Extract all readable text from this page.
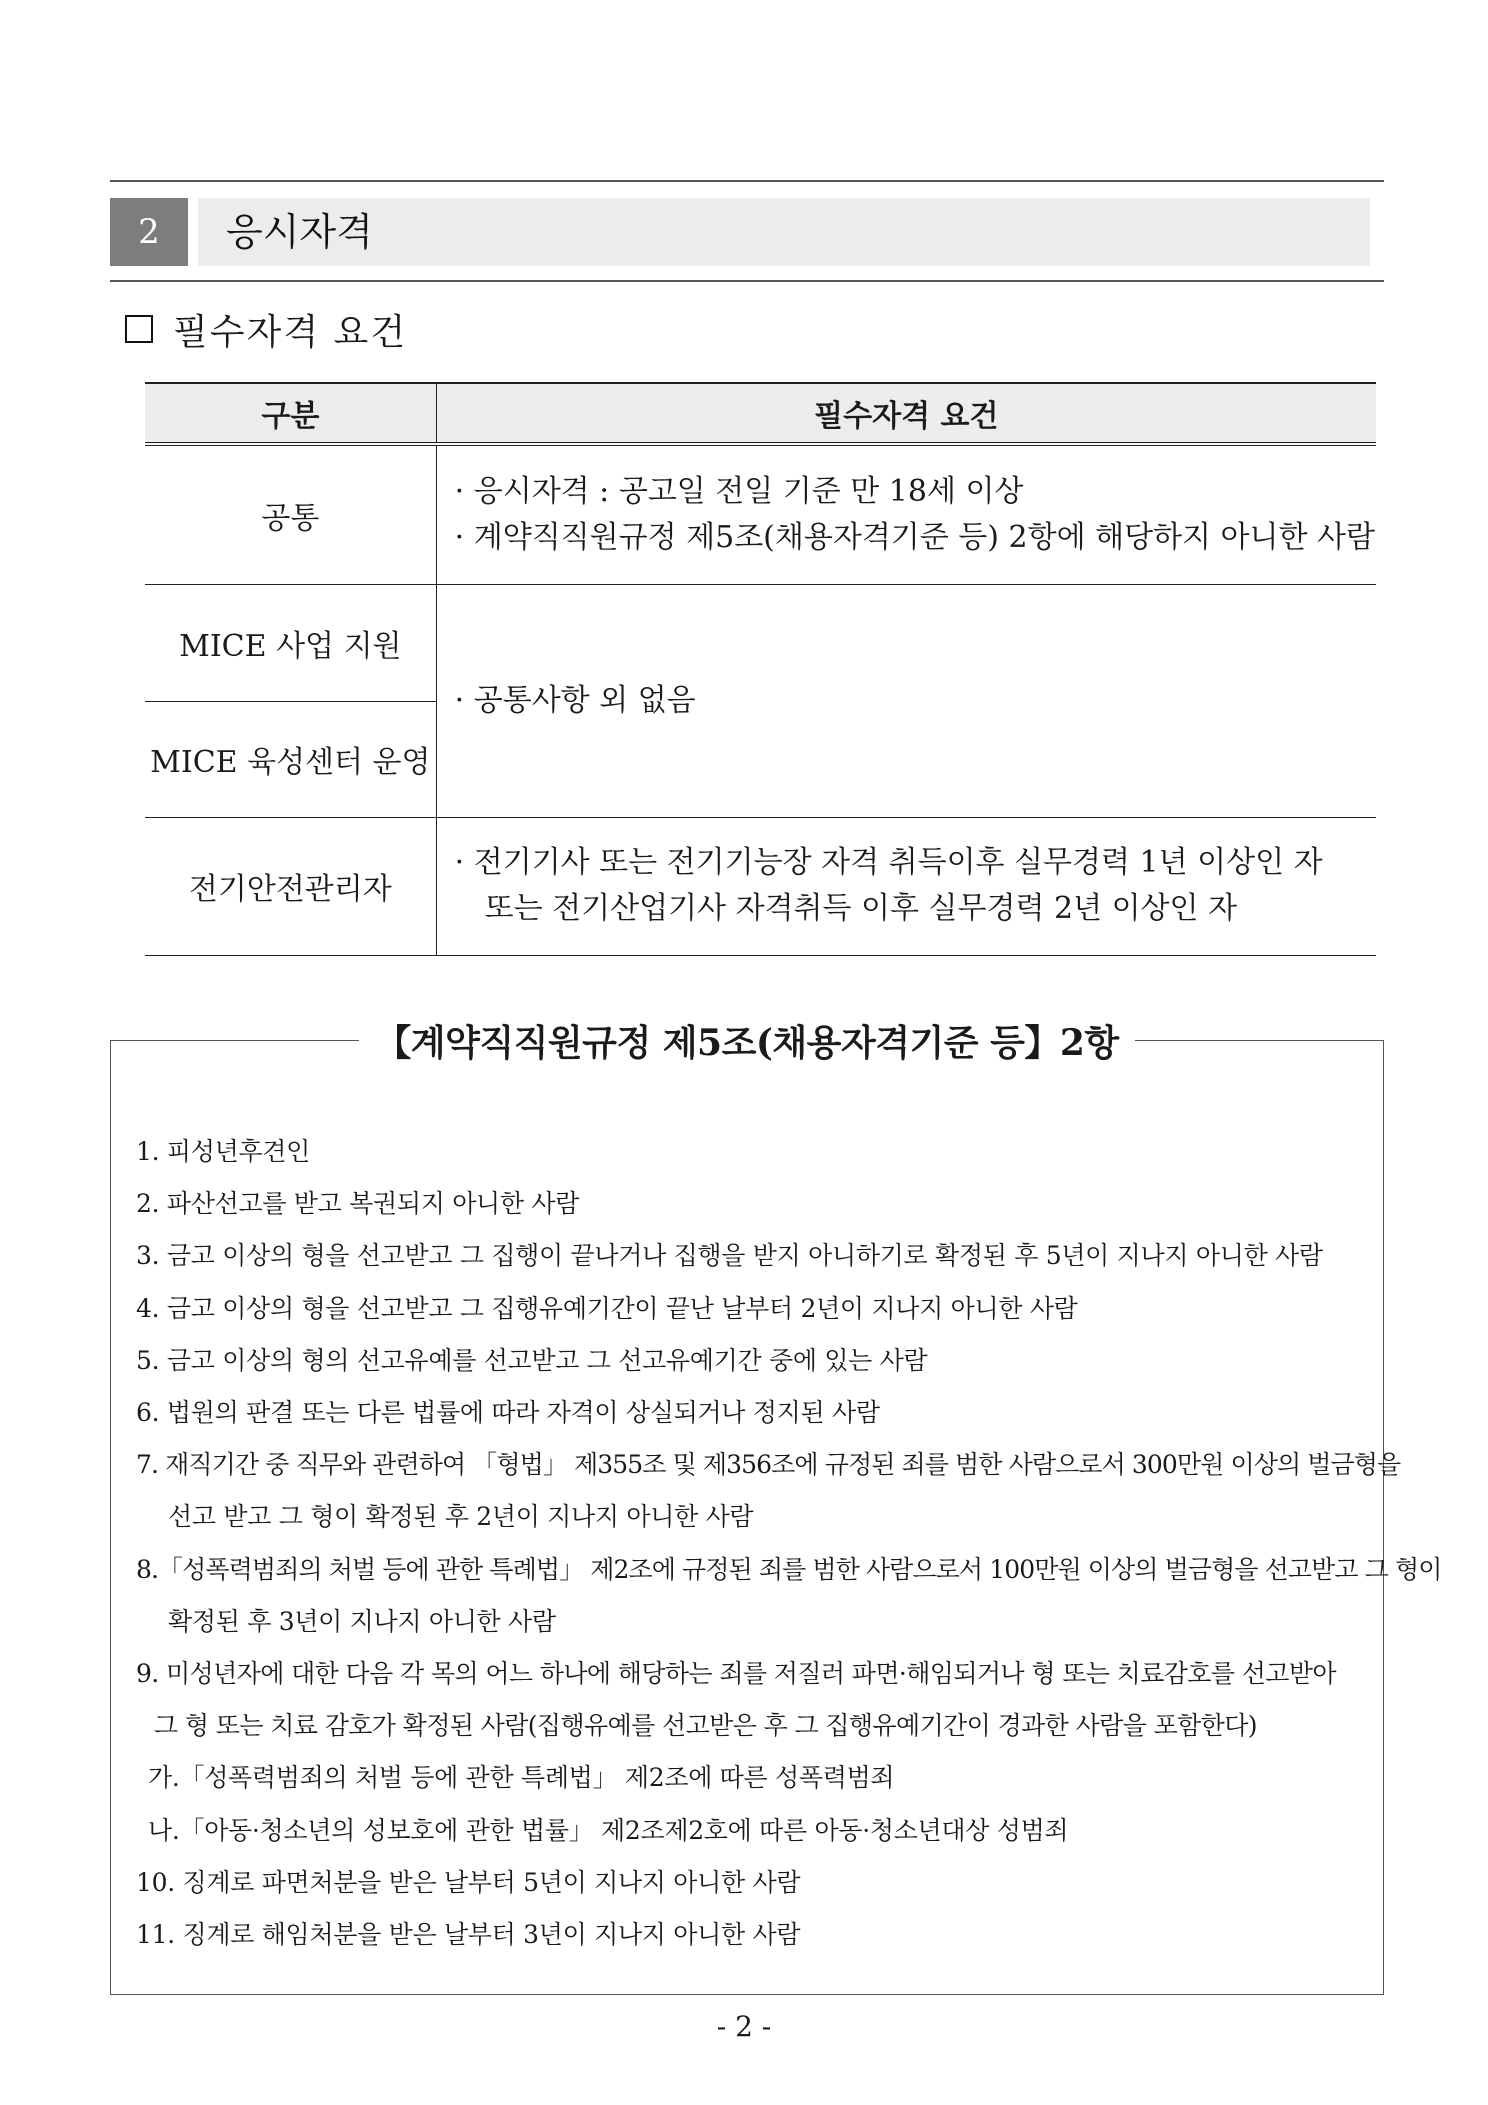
2	응시자격
필수자격 요건
구분	필수자격 요건
공통	· 응시자격 : 공고일 전일 기준 만 18세 이상
· 계약직직원규정 제5조(채용자격기준 등) 2항에 해당하지 아니한 사람

MICE 사업 지원	· 공통사항 외 없음

MICE 육성센터 운영	
전기안전관리자	· 전기기사 또는 전기기능장 자격 취득이후 실무경력 1년 이상인 자
또는 전기산업기사 자격취득 이후 실무경력 2년 이상인 자
【계약직직원규정 제5조(채용자격기준 등】2항
1. 피성년후견인
2. 파산선고를 받고 복권되지 아니한 사람
3. 금고 이상의 형을 선고받고 그 집행이 끝나거나 집행을 받지 아니하기로 확정된 후 5년이 지나지 아니한 사람
4. 금고 이상의 형을 선고받고 그 집행유예기간이 끝난 날부터 2년이 지나지 아니한 사람
5. 금고 이상의 형의 선고유예를 선고받고 그 선고유예기간 중에 있는 사람
6. 법원의 판결 또는 다른 법률에 따라 자격이 상실되거나 정지된 사람
7. 재직기간 중 직무와 관련하여 「형법」 제355조 및 제356조에 규정된 죄를 범한 사람으로서 300만원 이상의 벌금형을
선고 받고 그 형이 확정된 후 2년이 지나지 아니한 사람
8.「성폭력범죄의 처벌 등에 관한 특례법」 제2조에 규정된 죄를 범한 사람으로서 100만원 이상의 벌금형을 선고받고 그 형이
확정된 후 3년이 지나지 아니한 사람
9. 미성년자에 대한 다음 각 목의 어느 하나에 해당하는 죄를 저질러 파면·해임되거나 형 또는 치료감호를 선고받아
그 형 또는 치료 감호가 확정된 사람(집행유예를 선고받은 후 그 집행유예기간이 경과한 사람을 포함한다)
가.「성폭력범죄의 처벌 등에 관한 특례법」 제2조에 따른 성폭력범죄
나.「아동·청소년의 성보호에 관한 법률」 제2조제2호에 따른 아동·청소년대상 성범죄
10. 징계로 파면처분을 받은 날부터 5년이 지나지 아니한 사람
11. 징계로 해임처분을 받은 날부터 3년이 지나지 아니한 사람
- 2 -
